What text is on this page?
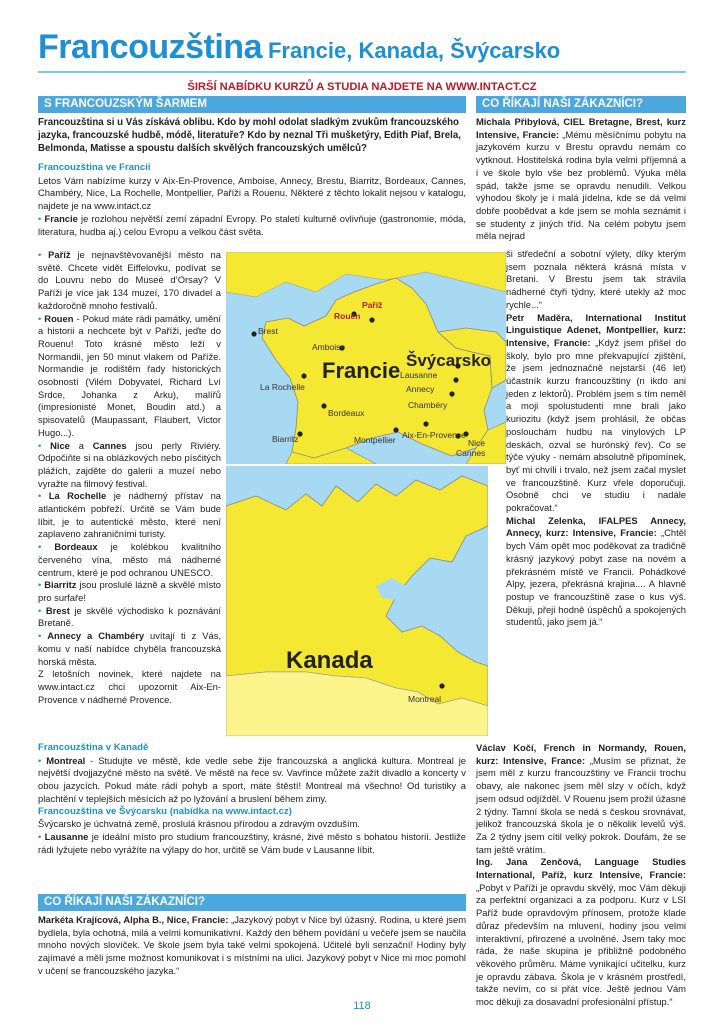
Francouzština Francie, Kanada, Švýcarsko
ŠIRŠÍ NABÍDKU KURZŮ A STUDIA NAJDETE NA WWW.INTACT.CZ
S FRANCOUZSKÝM ŠARMEM	CO ŘÍKAJÍ NAŠI ZÁKAZNÍCI?
Francouzština si u Vás získává oblibu. Kdo by mohl odolat sladkým zvukům francouzského jazyka, francouzské hudbě, módě, literatuře? Kdo by neznal Tři mušketýry, Edith Piaf, Brela, Belmonda, Matisse a spoustu dalších skvělých francouzských umělců?

Francouzština ve Francii

Letos Vám nabízíme kurzy v Aix-En-Provence, Amboise, Annecy, Brestu, Biarritz, Bordeaux, Cannes, Chambéry, Nice, La Rochelle, Montpellier, Paříži a Rouenu. Některé z těchto lokalit nejsou v katalogu, najdete je na www.intact.cz

• Francie je rozlohou největší zemí západní Evropy. Po staletí kulturně ovlivňuje (gastronomie, móda, literatura, hudba aj.) celou Evropu a velkou část světa.

• Paříž je nejnavštěvovanější město na světě. Chcete vidět Eiffelovku, podívat se do Louvru nebo do Museé d’Orsay? V Paříži je více jak 134 muzeí, 170 divadel a každoročně mnoho festivalů.

• Rouen - Pokud máte rádi památky, umění a historii a nechcete být v Paříži, jeďte do Rouenu! Toto krásné město leží v Normandii, jen 50 minut vlakem od Paříže. Normandie je rodištěm řady historických osobností (Vilém Dobyvatel, Richard Lví Srdce, Johanka z Arku), malířů (impresionisté Monet, Boudin atd.) a spisovatelů (Maupassant, Flaubert, Victor Hugo...).

• Nice a Cannes jsou perly Riviéry. Odpočiňte si na oblázkových nebo písčitých plážích, zajděte do galerii a muzeí nebo vyražte na filmový festival.

• La Rochelle je nádherný přístav na atlantickém pobřeží. Určitě se Vám bude líbit, je to autentické město, které není zaplaveno zahraničními turisty.

• Bordeaux je kolébkou kvalitního červeného vína, město má nádherné centrum, které je pod ochranou UNESCO.

• Biarritz jsou proslulé lázně a skvělé místo pro surfaře!

• Brest je skvělé východisko k poznávání Bretaně.

• Annecy a Chambéry uvítají ti z Vás, komu v naší nabídce chyběla francouzská horská města.

Z letošních novinek, které najdete na www.intact.cz chci upozornit Aix-En-Provence v nádherné Provence.

Paříž
Rouen
Brest
Amboise
La Rochelle
Bordeaux
Biarritz	Montpellier Aix-En-Provence
Nice
Cannes
Lausanne
Annecy
Chambéry
Francie Švýcarsko
Montreal
Kanada

Francouzština v Kanadě

• Montreal - Studujte ve městě, kde vedle sebe žije francouzská a anglická kultura. Montreal je největší dvojjazyčné město na světě. Ve městě na řece sv. Vavřince můžete zažít divadlo a koncerty v obou jazycích. Pokud máte rádi pohyb a sport, máte štěstí! Montreal má všechno! Od turistiky a plachtění v teplejších měsících až po lyžování a bruslení během zimy.

Francouzština ve Švýcarsku (nabídka na www.intact.cz)

Švýcarsko je úchvatná země, proslulá krásnou přírodou a zdravým ovzduším.

• Lausanne je ideální místo pro studium francouzštiny, krásné, živé město s bohatou historií. Jestliže rádi lyžujete nebo vyrážíte na výlapy do hor, určitě se Vám bude v Lausanne líbit.

CO ŘÍKAJÍ NAŠI ZÁKAZNÍCI?

Markéta Krajícová, Alpha B., Nice, Francie: „Jazykový pobyt v Nice byl úžasný. Rodina, u které jsem bydlela, byla ochotná, milá a velmi komunikativní. Každý den během povídání u večeře jsem se naučila mnoho nových slovíček. Ve škole jsem byla také velmi spokojená. Učitelé byli senzační! Hodiny byly zajímavé a měli jsme možnost komunikovat i s místními na ulici. Jazykový pobyt v Nice mi moc pomohl v učení se francouzského jazyka.“

Michala Přibylová, CIEL Bretagne, Brest, kurz Intensive, Francie: „Mému měsíčnímu pobytu na jazykovém kurzu v Brestu opravdu nemám co vytknout. Hostitelská rodina byla velmi příjemná a i ve škole bylo vše bez problémů. Výuka měla spád, takže jsme se opravdu nenudili. Velkou výhodou školy je i malá jídelna, kde se dá velmi dobře poobědvat a kde jsem se mohla seznámit i se studenty z jiných tříd. Na celém pobytu jsem měla nejrad

ši středeční a sobotní výlety, díky kterým jsem poznala některá krásná místa v Bretani. V Brestu jsem tak strávila nádherné čtyři týdny, které utekly až moc rychle...“

Petr Maděra, International Institut Linguistique Adenet, Montpellier, kurz: Intensive, Francie: „Když jsem přišel do školy, bylo pro mne překvapující zjištění, že jsem jednoznačně nejstarší (46 let) účastník kurzu francouzštiny (n ikdo ani jeden z lektorů). Problém jsem s tím neměl a moji spolustudenti mne brali jako kuriozitu (když jsem prohlásil, že občas poslouchám hudbu na vinylových LP deskách, ozval se hurónský řev). Co se týče výuky - nemám absolutně připomínek, byť mi chvíli i trvalo, než jsem začal myslet ve francouzštině. Kurz vřele doporučuji. Osobně chci ve studiu i nadále pokračovat.“

Michal Zelenka, IFALPES Annecy, Annecy, kurz: Intensive, Francie: „Chtěl bych Vám opět moc poděkovat za tradičně krásný jazykový pobyt zase na novém a překrásném místě ve Francii. Pohádkové Alpy, jezera, překrásná krajina.... A hlavně postup ve francouzštině zase o kus výš. Děkuji, přeji hodně úspěchů a spokojených studentů, jako jsem já.“

Václav Kočí, French in Normandy, Rouen, kurz: Intensive, France: „Musím se přiznat, že jsem měl z kurzu francouzštiny ve Francii trochu obavy, ale nakonec jsem měl slzy v očích, když jsem odsud odjížděl. V Rouenu jsem prožil úžasné 2 týdny. Tamní škola se nedá s českou srovnávat, jelikož francouzská škola je o několik levelů výš. Za 2 týdny jsem cítil velký pokrok. Doufám, že se tam ještě vrátím.

Ing. Jana Zenčová, Language Studies International, Paříž, kurz Intensive, Francie: „Pobyt v Paříži je opravdu skvělý, moc Vám děkuji za perfektní organizaci a za podporu. Kurz v LSI Paříž bude opravdovým přínosem, protože klade důraz především na mluvení, hodiny jsou velmi interaktivní, přirozené a uvolněné. Jsem taky moc ráda, že naše skupina je přibližně podobného věkového průměru. Máme vynikající učitelku, kurz je opravdu zábava. Škola je v krásném prostředí, takže nevím, co si přát více. Ještě jednou Vám moc děkuji za dosavadní profesionální přístup.“

118
